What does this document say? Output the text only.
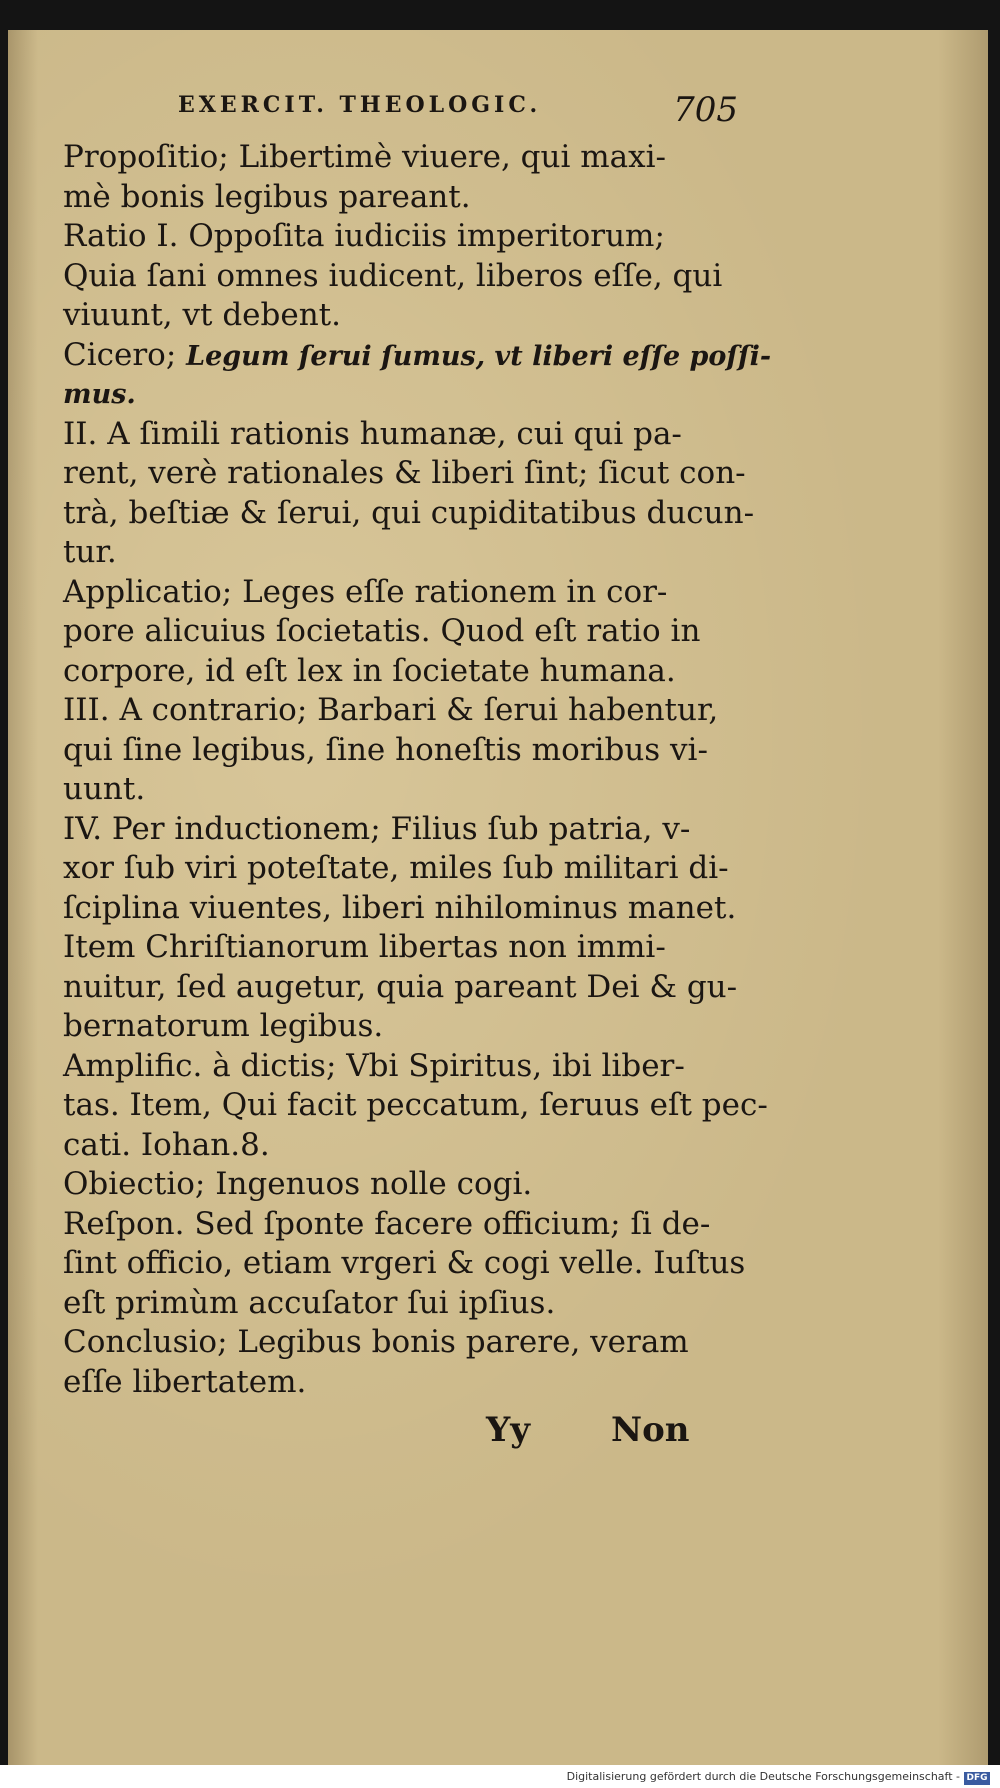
EXERCIT. THEOLOGIC.	705
Propoſitio; Libertimè viuere, qui maxi-
mè bonis legibus pareant.
Ratio I. Oppoſita iudiciis imperitorum;
Quia ſani omnes iudicent, liberos eſſe, qui
viuunt, vt debent.
Cicero; Legum ſerui ſumus, vt liberi eſſe poſſi-
mus.
II. A ſimili rationis humanæ, cui qui pa-
rent, verè rationales & liberi ſint; ſicut con-
trà, beſtiæ & ſerui, qui cupiditatibus ducun-
tur.
Applicatio; Leges eſſe rationem in cor-
pore alicuius ſocietatis. Quod eſt ratio in
corpore, id eſt lex in ſocietate humana.
III. A contrario; Barbari & ſerui habentur,
qui ſine legibus, ſine honeſtis moribus vi-
uunt.
IV. Per inductionem; Filius ſub patria, v-
xor ſub viri poteſtate, miles ſub militari di-
ſciplina viuentes, liberi nihilominus manet.
Item Chriſtianorum libertas non immi-
nuitur, ſed augetur, quia pareant Dei & gu-
bernatorum legibus.
Amplific. à dictis; Vbi Spiritus, ibi liber-
tas. Item, Qui facit peccatum, ſeruus eſt pec-
cati. Iohan.8.
Obiectio; Ingenuos nolle cogi.
Reſpon. Sed ſponte facere officium; ſi de-
ſint officio, etiam vrgeri & cogi velle. Iuſtus
eſt primùm accuſator ſui ipſius.
Conclusio; Legibus bonis parere, veram
eſſe libertatem.
Yy Non
Digitalisierung gefördert durch die Deutsche Forschungsgemeinschaft - DFG
